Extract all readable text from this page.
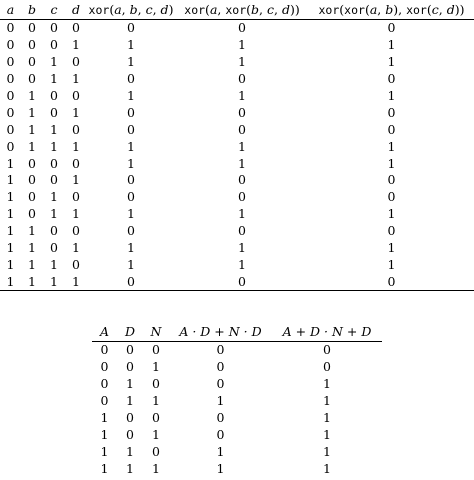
a	b	c	d	xor(a, b, c, d)	xor(a, xor(b, c, d))	xor(xor(a, b), xor(c, d))
0	0	0	0	0	0	0
0	0	0	1	1	1	1
0	0	1	0	1	1	1
0	0	1	1	0	0	0
0	1	0	0	1	1	1
0	1	0	1	0	0	0
0	1	1	0	0	0	0
0	1	1	1	1	1	1
1	0	0	0	1	1	1
1	0	0	1	0	0	0
1	0	1	0	0	0	0
1	0	1	1	1	1	1
1	1	0	0	0	0	0
1	1	0	1	1	1	1
1	1	1	0	1	1	1
1	1	1	1	0	0	0
A	D	N	A · D + N · D	A + D · N + D
0	0	0	0	0
0	0	1	0	0
0	1	0	0	1
0	1	1	1	1
1	0	0	0	1
1	0	1	0	1
1	1	0	1	1
1	1	1	1	1
